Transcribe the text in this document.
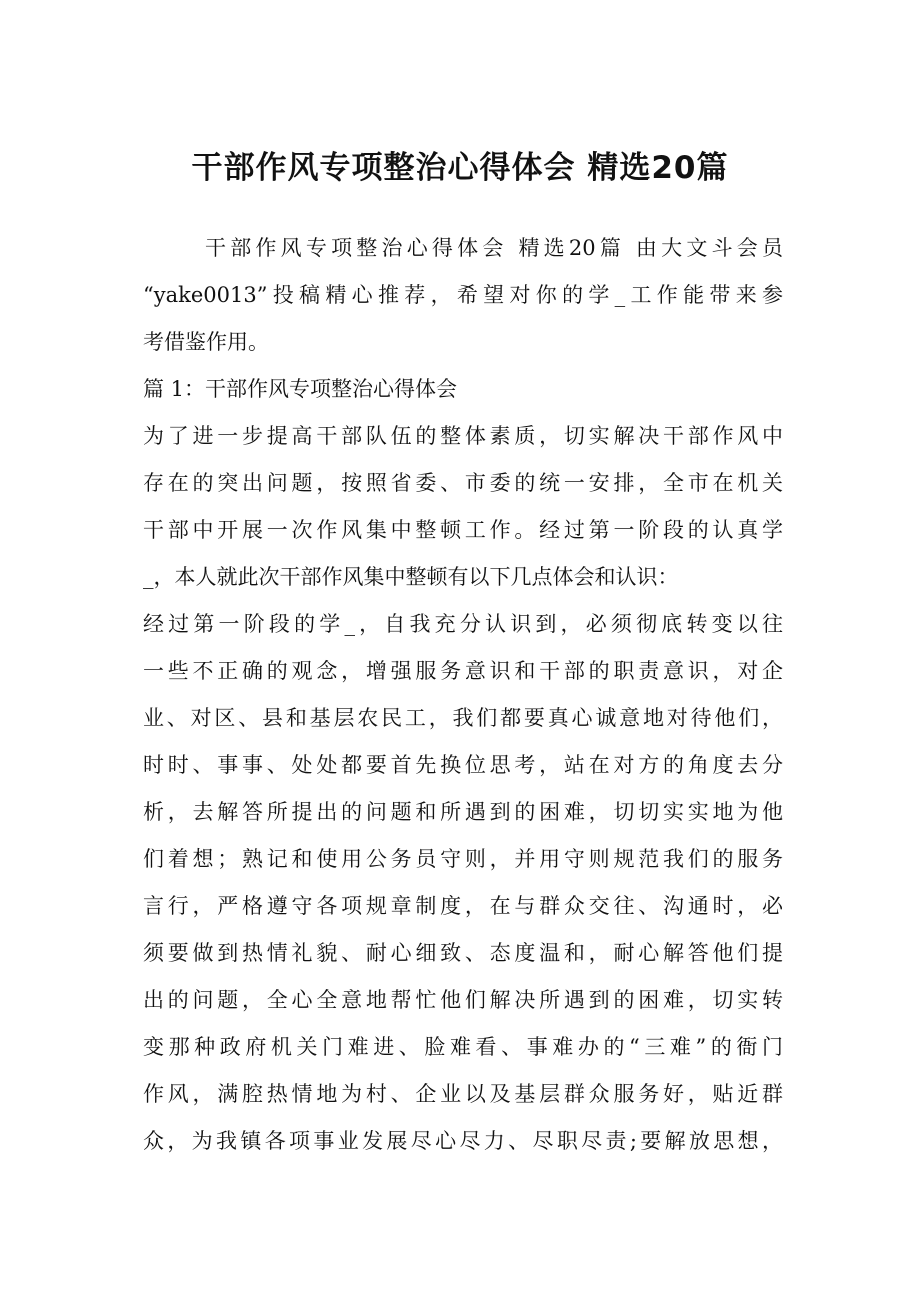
干部作风专项整治心得体会 精选20篇
干部作风专项整治心得体会 精选20篇 由大文斗会员
“yake0013”投稿精心推荐，希望对你的学_工作能带来参
考借鉴作用。
篇 1：干部作风专项整治心得体会
为了进一步提高干部队伍的整体素质，切实解决干部作风中
存在的突出问题，按照省委、市委的统一安排，全市在机关
干部中开展一次作风集中整顿工作。经过第一阶段的认真学
_，本人就此次干部作风集中整顿有以下几点体会和认识：
经过第一阶段的学_，自我充分认识到，必须彻底转变以往
一些不正确的观念，增强服务意识和干部的职责意识，对企
业、对区、县和基层农民工，我们都要真心诚意地对待他们，
时时、事事、处处都要首先换位思考，站在对方的角度去分
析，去解答所提出的问题和所遇到的困难，切切实实地为他
们着想；熟记和使用公务员守则，并用守则规范我们的服务
言行，严格遵守各项规章制度，在与群众交往、沟通时，必
须要做到热情礼貌、耐心细致、态度温和，耐心解答他们提
出的问题，全心全意地帮忙他们解决所遇到的困难，切实转
变那种政府机关门难进、脸难看、事难办的“三难”的衙门
作风，满腔热情地为村、企业以及基层群众服务好，贴近群
众，为我镇各项事业发展尽心尽力、尽职尽责;要解放思想，
